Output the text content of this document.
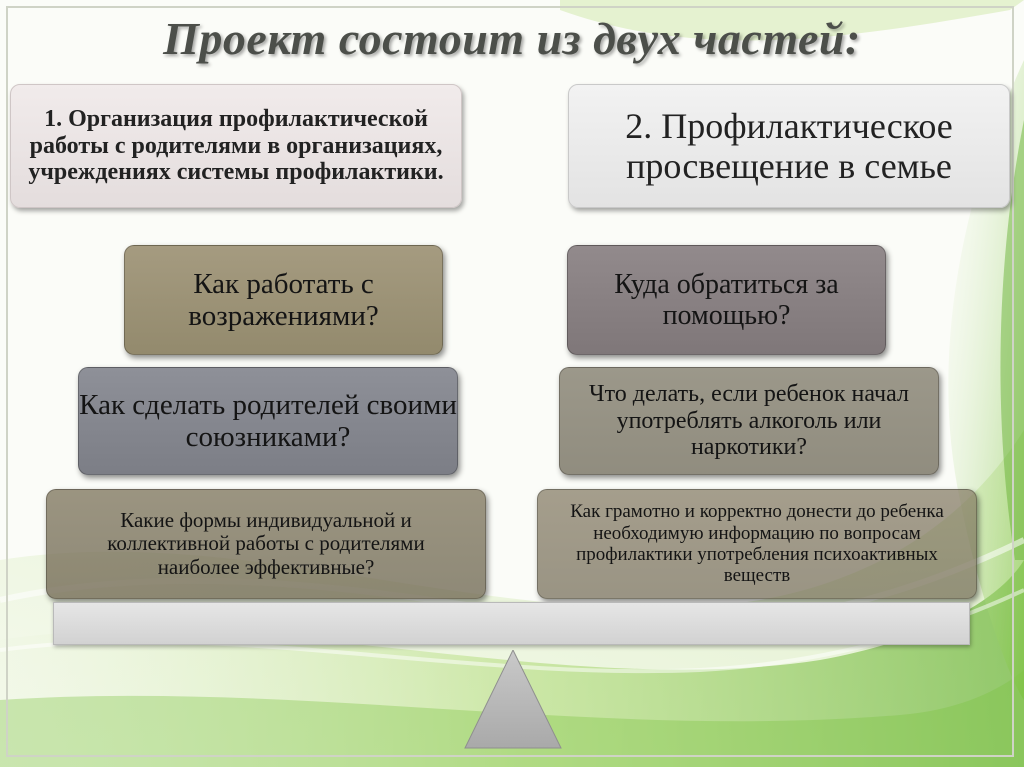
Проект состоит из двух частей:
1. Организация профилактической работы с родителями в организациях, учреждениях системы профилактики.
2. Профилактическое просвещение в семье
Как работать с возражениями?
Как сделать родителей своими союзниками?
Какие формы индивидуальной и коллективной работы с родителями наиболее эффективные?
Куда обратиться за помощью?
Что делать, если ребенок начал употреблять алкоголь или наркотики?
Как грамотно и корректно донести до ребенка необходимую информацию по вопросам профилактики употребления психоактивных веществ
